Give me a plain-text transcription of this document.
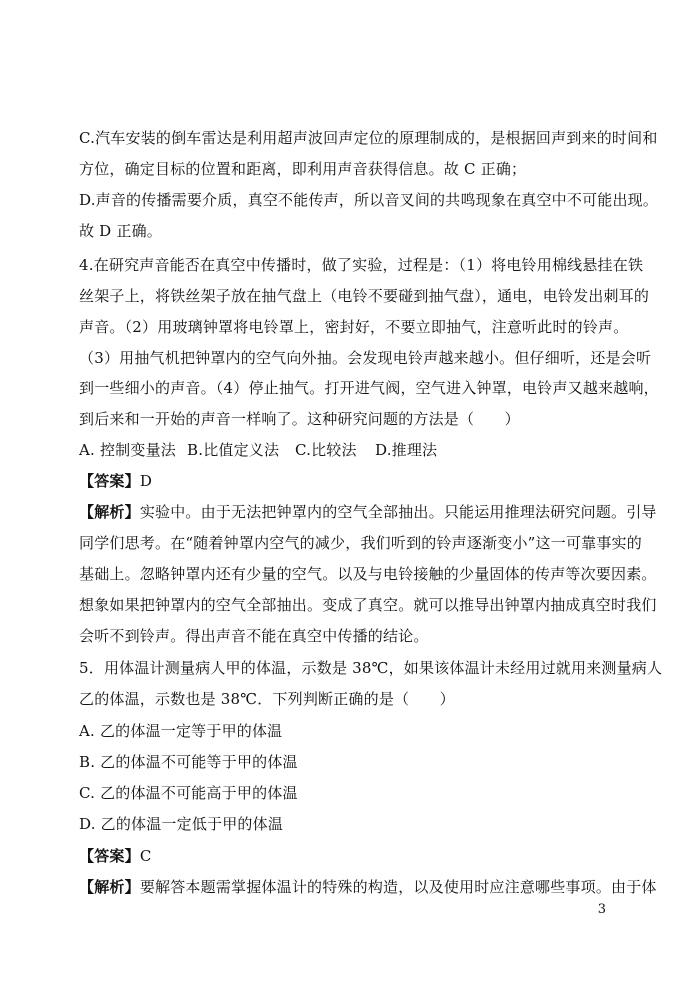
C.汽车安装的倒车雷达是利用超声波回声定位的原理制成的，是根据回声到来的时间和
方位，确定目标的位置和距离，即利用声音获得信息。故 C 正确；
D.声音的传播需要介质，真空不能传声，所以音叉间的共鸣现象在真空中不可能出现。
故 D 正确。
4.在研究声音能否在真空中传播时，做了实验，过程是：（1）将电铃用棉线悬挂在铁
丝架子上，将铁丝架子放在抽气盘上（电铃不要碰到抽气盘），通电，电铃发出刺耳的
声音。（2）用玻璃钟罩将电铃罩上，密封好，不要立即抽气，注意听此时的铃声。
（3）用抽气机把钟罩内的空气向外抽。会发现电铃声越来越小。但仔细听，还是会听
到一些细小的声音。（4）停止抽气。打开进气阀，空气进入钟罩，电铃声又越来越响，
到后来和一开始的声音一样响了。这种研究问题的方法是（　　）
A. 控制变量法 B.比值定义法 C.比较法 D.推理法
【答案】D
【解析】实验中。由于无法把钟罩内的空气全部抽出。只能运用推理法研究问题。引导
同学们思考。在“随着钟罩内空气的减少，我们听到的铃声逐渐变小”这一可靠事实的
基础上。忽略钟罩内还有少量的空气。以及与电铃接触的少量固体的传声等次要因素。
想象如果把钟罩内的空气全部抽出。变成了真空。就可以推导出钟罩内抽成真空时我们
会听不到铃声。得出声音不能在真空中传播的结论。
5．用体温计测量病人甲的体温，示数是 38℃，如果该体温计未经用过就用来测量病人
乙的体温，示数也是 38℃．下列判断正确的是（　　）
A. 乙的体温一定等于甲的体温
B. 乙的体温不可能等于甲的体温
C. 乙的体温不可能高于甲的体温
D. 乙的体温一定低于甲的体温
【答案】C
【解析】要解答本题需掌握体温计的特殊的构造，以及使用时应注意哪些事项。由于体
3
